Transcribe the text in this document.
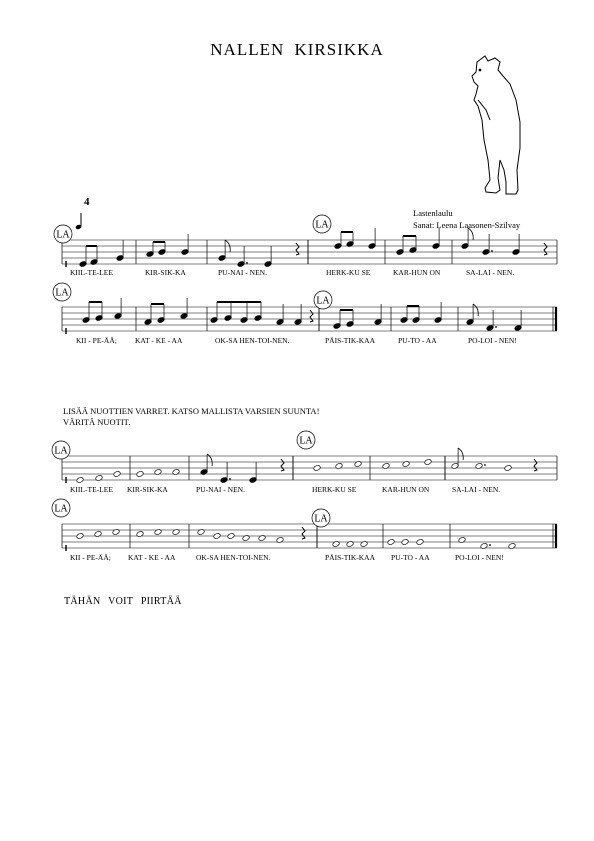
NALLEN KIRSIKKA
Lastenlaulu
Sanat: Leena Laasonen-Szilvay
LISÄÄ NUOTTIEN VARRET. KATSO MALLISTA VARSIEN SUUNTA!
VÄRITÄ NUOTIT.
TÄHÄN VOIT PIIRTÄÄ
4
LA
LA
KIIL-TE-LEE	KIR-SIK-KA	PU-NAI - NEN.	HERK-KU SE	KAR-HUN ON	SA-LAI - NEN.
LA
LA
KII - PE-ÄÄ; KAT - KE - AA	OK-SA HEN-TOI-NEN.	PÄIS-TIK-KAA	PU-TO - AA	PO-LOI - NEN!
LA
LA
KIIL-TE-LEE KIR-SIK-KA	PU-NAI - NEN.	HERK-KU SE	KAR-HUN ON	SA-LAI - NEN.
LA
LA
KII - PE-ÄÄ; KAT - KE - AA	OK-SA HEN-TOI-NEN.	PÄIS-TIK-KAA PU-TO - AA	PO-LOI - NEN!
